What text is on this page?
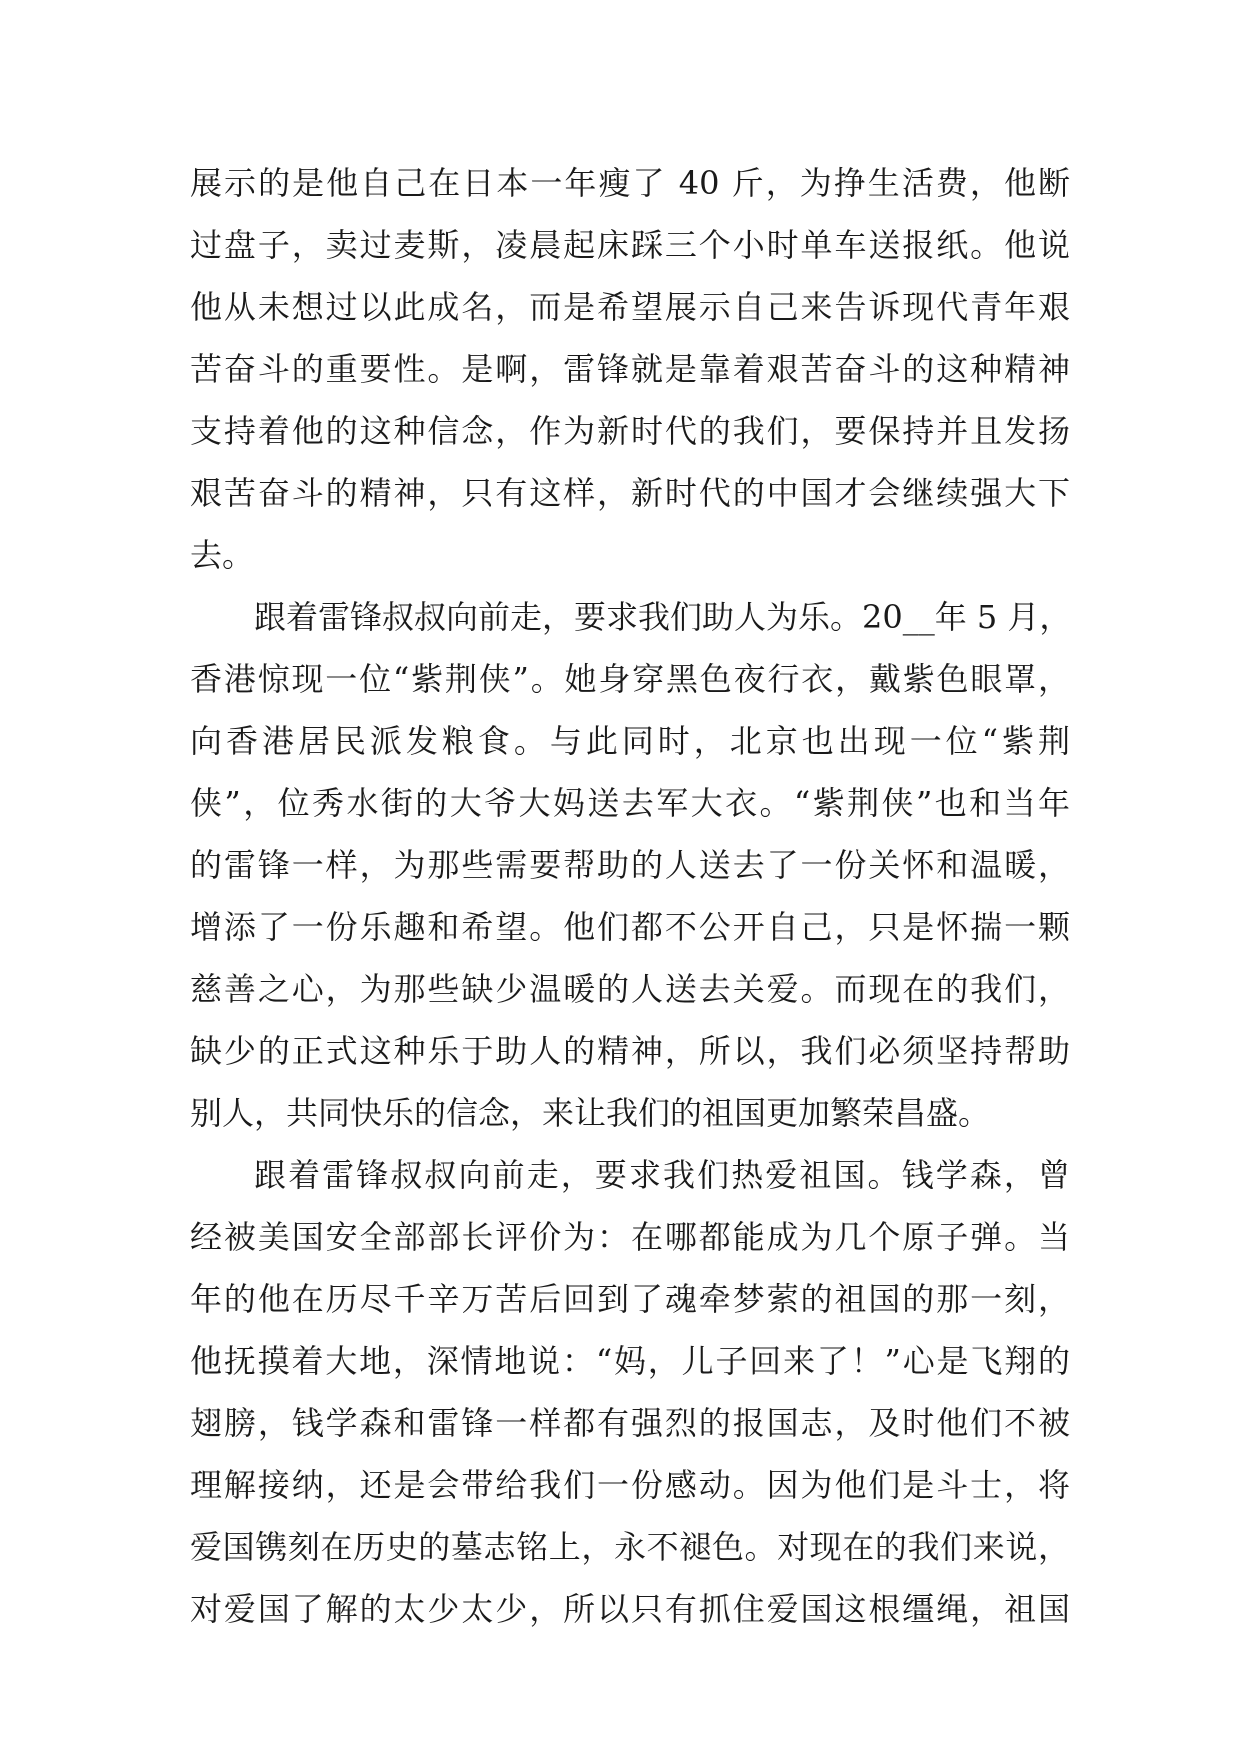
展示的是他自己在日本一年瘦了 40 斤，为挣生活费，他断
过盘子，卖过麦斯，凌晨起床踩三个小时单车送报纸。他说
他从未想过以此成名，而是希望展示自己来告诉现代青年艰
苦奋斗的重要性。是啊，雷锋就是靠着艰苦奋斗的这种精神
支持着他的这种信念，作为新时代的我们，要保持并且发扬
艰苦奋斗的精神，只有这样，新时代的中国才会继续强大下
去。
跟着雷锋叔叔向前走，要求我们助人为乐。20__年 5 月，
香港惊现一位“紫荆侠”。她身穿黑色夜行衣，戴紫色眼罩，
向香港居民派发粮食。与此同时，北京也出现一位“紫荆
侠”，位秀水街的大爷大妈送去军大衣。“紫荆侠”也和当年
的雷锋一样，为那些需要帮助的人送去了一份关怀和温暖，
增添了一份乐趣和希望。他们都不公开自己，只是怀揣一颗
慈善之心，为那些缺少温暖的人送去关爱。而现在的我们，
缺少的正式这种乐于助人的精神，所以，我们必须坚持帮助
别人，共同快乐的信念，来让我们的祖国更加繁荣昌盛。
跟着雷锋叔叔向前走，要求我们热爱祖国。钱学森，曾
经被美国安全部部长评价为：在哪都能成为几个原子弹。当
年的他在历尽千辛万苦后回到了魂牵梦萦的祖国的那一刻，
他抚摸着大地，深情地说：“妈，儿子回来了！”心是飞翔的
翅膀，钱学森和雷锋一样都有强烈的报国志，及时他们不被
理解接纳，还是会带给我们一份感动。因为他们是斗士，将
爱国镌刻在历史的墓志铭上，永不褪色。对现在的我们来说，
对爱国了解的太少太少，所以只有抓住爱国这根缰绳，祖国
